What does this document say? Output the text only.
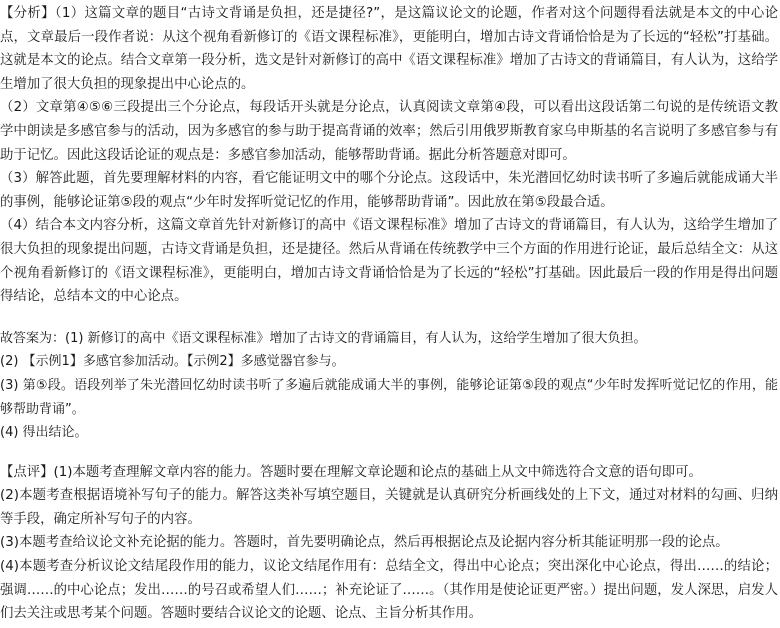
【分析】（1）这篇文章的题目“古诗文背诵是负担，还是捷径?”，是这篇议论文的论题，作者对这个问题得看法就是本文的中心论点，文章最后一段作者说：从这个视角看新修订的《语文课程标准》，更能明白，增加古诗文背诵恰恰是为了长远的“轻松”打基础。这就是本文的论点。结合文章第一段分析，选文是针对新修订的高中《语文课程标准》增加了古诗文的背诵篇目，有人认为，这给学生增加了很大负担的现象提出中心论点的。

（2）文章第④⑤⑥三段提出三个分论点，每段话开头就是分论点，认真阅读文章第④段，可以看出这段话第二句说的是传统语文教学中朗读是多感官参与的活动，因为多感官的参与助于提高背诵的效率；然后引用俄罗斯教育家乌申斯基的名言说明了多感官参与有助于记忆。因此这段话论证的观点是：多感官参加活动，能够帮助背诵。据此分析答题意对即可。

（3）解答此题，首先要理解材料的内容，看它能证明文中的哪个分论点。这段话中，朱光潜回忆幼时读书听了多遍后就能成诵大半的事例，能够论证第⑤段的观点“少年时发挥听觉记忆的作用，能够帮助背诵”。因此放在第⑤段最合适。

（4）结合本文内容分析，这篇文章首先针对新修订的高中《语文课程标准》增加了古诗文的背诵篇目，有人认为，这给学生增加了很大负担的现象提出问题，古诗文背诵是负担，还是捷径。然后从背诵在传统教学中三个方面的作用进行论证，最后总结全文：从这个视角看新修订的《语文课程标准》，更能明白，增加古诗文背诵恰恰是为了长远的“轻松”打基础。因此最后一段的作用是得出问题得结论，总结本文的中心论点。

故答案为：(1) 新修订的高中《语文课程标准》增加了古诗文的背诵篇目，有人认为，这给学生增加了很大负担。

(2) 【示例1】多感官参加活动。【示例2】多感觉器官参与。

(3) 第⑤段。语段列举了朱光潜回忆幼时读书听了多遍后就能成诵大半的事例，能够论证第⑤段的观点“少年时发挥听觉记忆的作用，能够帮助背诵”。

(4) 得出结论。

【点评】(1)本题考查理解文章内容的能力。答题时要在理解文章论题和论点的基础上从文中筛选符合文意的语句即可。

(2)本题考查根据语境补写句子的能力。解答这类补写填空题目，关键就是认真研究分析画线处的上下文，通过对材料的勾画、归纳等手段，确定所补写句子的内容。

(3)本题考查给议论文补充论据的能力。答题时，首先要明确论点，然后再根据论点及论据内容分析其能证明那一段的论点。

(4)本题考查分析议论文结尾段作用的能力，议论文结尾作用有：总结全文，得出中心论点；突出深化中心论点，得出……的结论；强调……的中心论点；发出……的号召或希望人们……；补充论证了……。（其作用是使论证更严密。）提出问题，发人深思，启发人们去关注或思考某个问题。答题时要结合议论文的论题、论点、主旨分析其作用。
